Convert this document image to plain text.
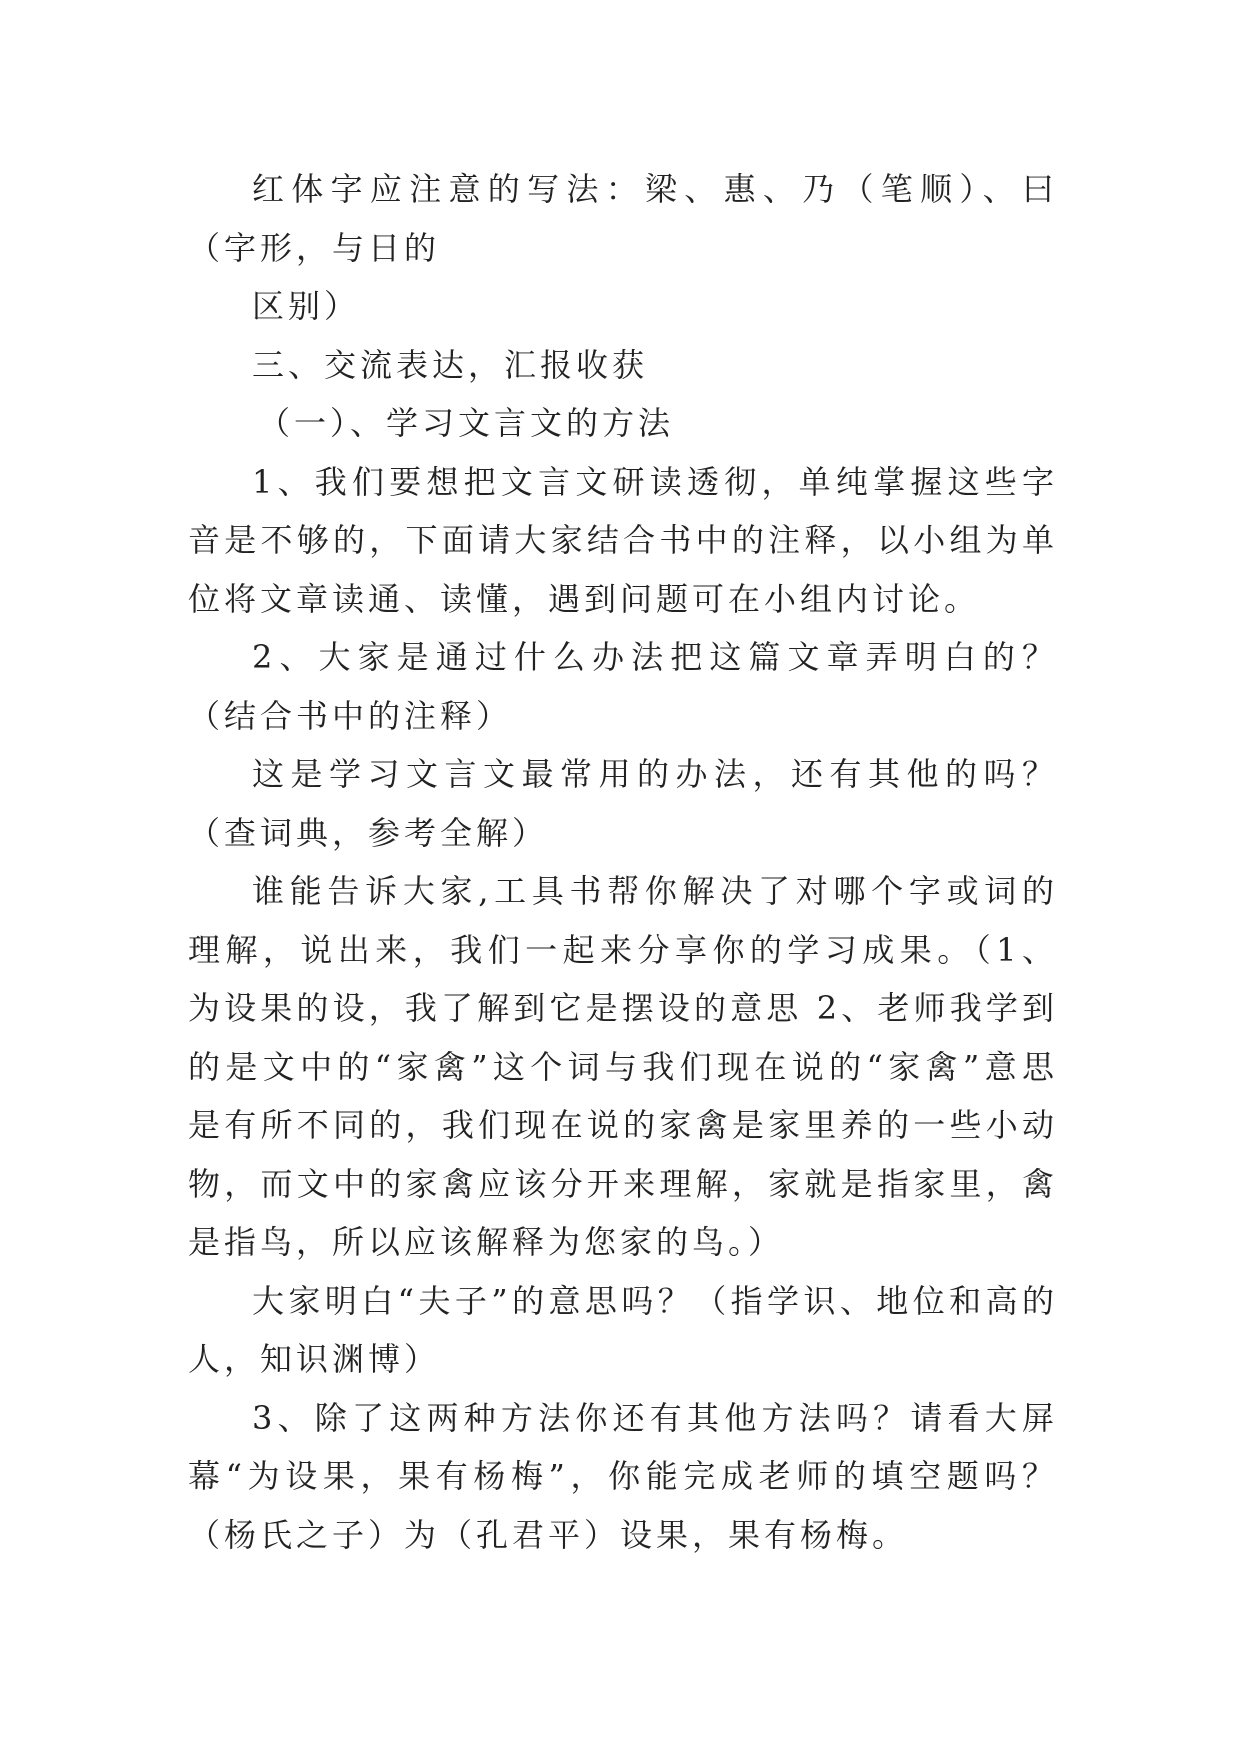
红体字应注意的写法：梁、惠、乃（笔顺）、曰（字形，与日的

区别）

三、交流表达，汇报收获

（一）、学习文言文的方法

1、我们要想把文言文研读透彻，单纯掌握这些字音是不够的，下面请大家结合书中的注释，以小组为单位将文章读通、读懂，遇到问题可在小组内讨论。

2、大家是通过什么办法把这篇文章弄明白的？（结合书中的注释）

这是学习文言文最常用的办法，还有其他的吗？（查词典，参考全解）

谁能告诉大家,工具书帮你解决了对哪个字或词的理解，说出来，我们一起来分享你的学习成果。（1、为设果的设，我了解到它是摆设的意思 2、老师我学到的是文中的“家禽”这个词与我们现在说的“家禽”意思是有所不同的，我们现在说的家禽是家里养的一些小动物，而文中的家禽应该分开来理解，家就是指家里，禽是指鸟，所以应该解释为您家的鸟。）

大家明白“夫子”的意思吗？（指学识、地位和高的人，知识渊博）

3、除了这两种方法你还有其他方法吗？请看大屏幕“为设果，果有杨梅”，你能完成老师的填空题吗？（杨氏之子）为（孔君平）设果，果有杨梅。
